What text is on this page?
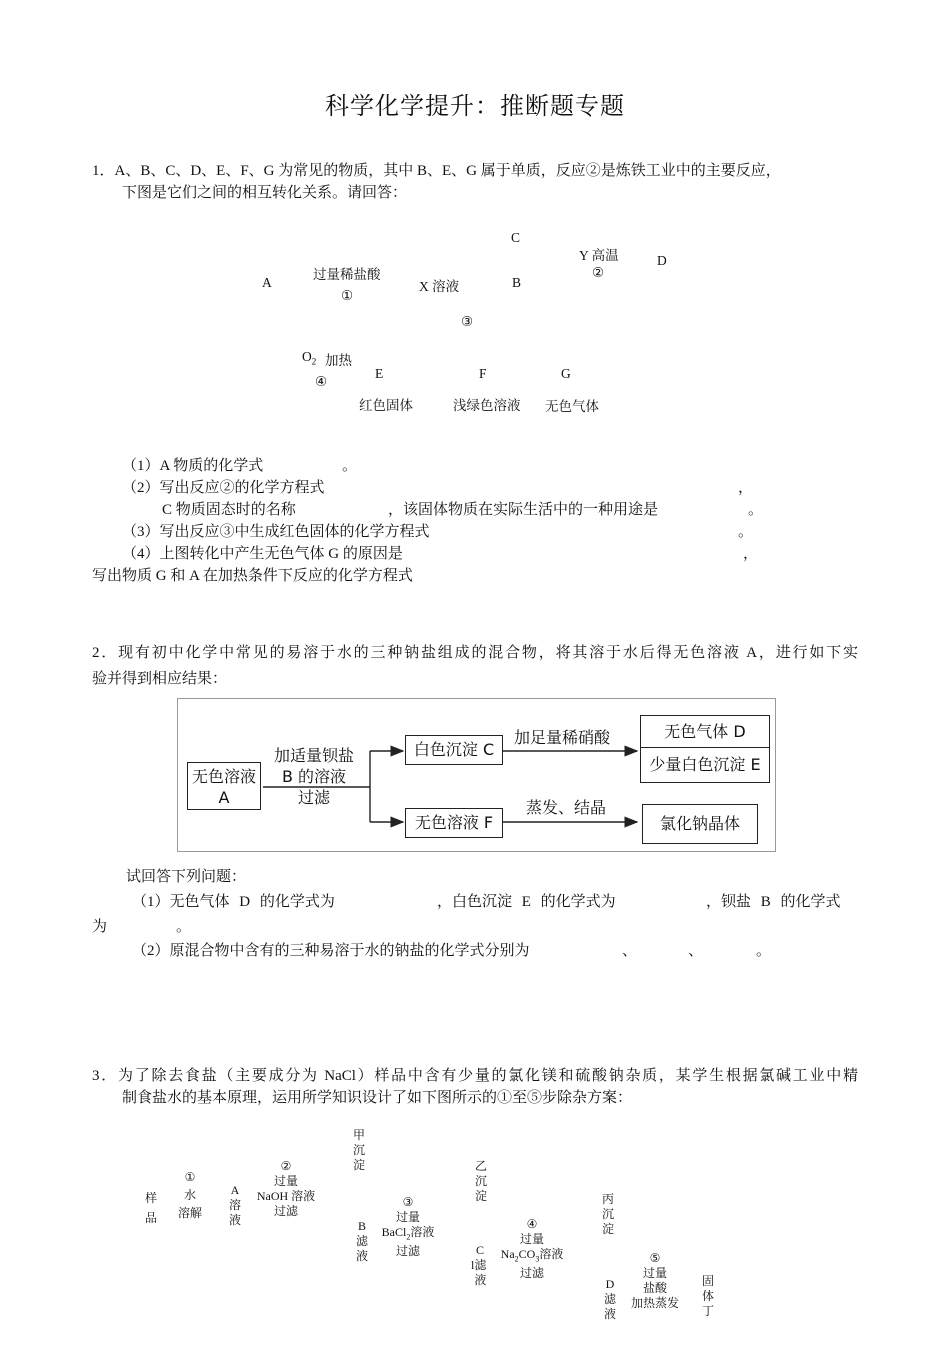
科学化学提升：推断题专题
1．A、B、C、D、E、F、G 为常见的物质，其中 B、E、G 属于单质，反应②是炼铁工业中的主要反应，
下图是它们之间的相互转化关系。请回答：
C
Y 高温
②
D
过量稀盐酸
A	X 溶液	B
①
③
$O_2$ 加热
④
E	F	G
红色固体	浅绿色溶液 无色气体
（1）A 物质的化学式	。
（2）写出反应②的化学方程式	，
C 物质固态时的名称	，该固体物质在实际生活中的一种用途是	。
（3）写出反应③中生成红色固体的化学方程式	。
（4）上图转化中产生无色气体 G 的原因是	，
写出物质 G 和 A 在加热条件下反应的化学方程式
2．现有初中化学中常见的易溶于水的三种钠盐组成的混合物，将其溶于水后得无色溶液 A，进行如下实
验并得到相应结果：
无色溶液
A
加适量钡盐
B 的溶液
过滤
白色沉淀 C
加足量稀硝酸	无色气体 D
少量白色沉淀 E
无色溶液 F
蒸发、结晶
氯化钠晶体
试回答下列问题：
（1）无色气体 D 的化学式为	，白色沉淀 E 的化学式为	，钡盐 B 的化学式
为	。
（2）原混合物中含有的三种易溶于水的钠盐的化学式分别为	、	、	。
3．为了除去食盐（主要成分为 NaCl）样品中含有少量的氯化镁和硫酸钠杂质，某学生根据氯碱工业中精
制食盐水的基本原理，运用所学知识设计了如下图所示的①至⑤步除杂方案：
样品
①
水
溶解
A溶液
②
过量
NaOH 溶液
过滤
甲沉淀
B滤液
③
过量
BaCl$_2$溶液
过滤
乙沉淀
C
l滤液
④
过量
$Na_2CO_3$溶液
过滤
丙沉淀
D滤液
⑤
过量
盐酸
加热蒸发
固体丁
